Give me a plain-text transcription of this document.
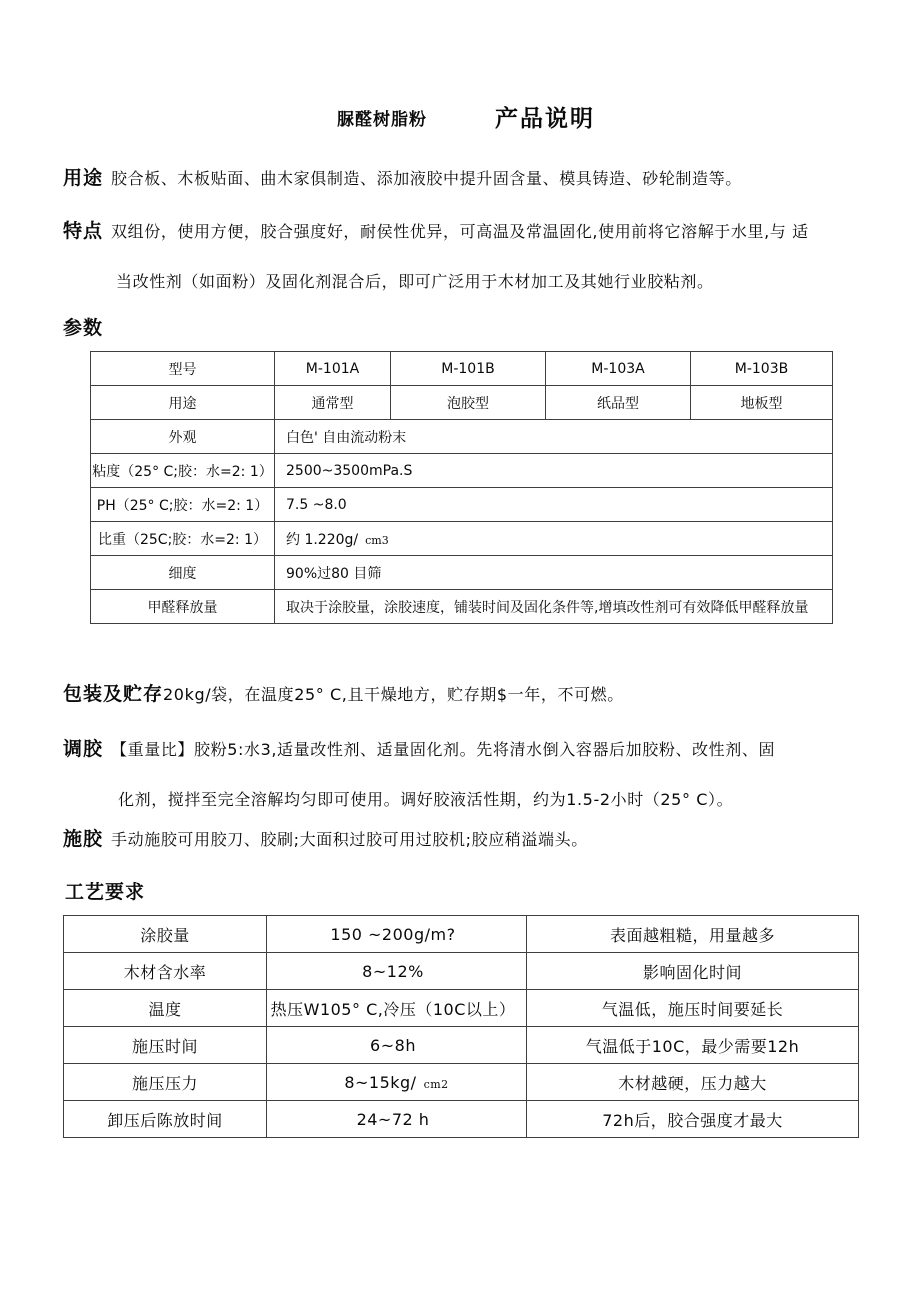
脲醛树脂粉	产品说明
用途 胶合板、木板贴面、曲木家俱制造、添加液胶中提升固含量、模具铸造、砂轮制造等。
特点 双组份，使用方便，胶合强度好，耐侯性优异，可高温及常温固化,使用前将它溶解于水里,与 适
当改性剂（如面粉）及固化剂混合后，即可广泛用于木材加工及其她行业胶粘剂。
参数
型号	M-101A	M-101B	M-103A	M-103B
用途	通常型	泡胶型	纸品型	地板型
外观	白色' 自由流动粉末			
粘度（25° C;胶：水=2: 1）	2500~3500mPa.S			
PH（25° C;胶：水=2: 1）	7.5 ~8.0			
比重（25C;胶：水=2: 1）	约 1.220g/ cm3			
细度	90%过80 目筛			
甲醛释放量	取决于涂胶量，涂胶速度，铺装时间及固化条件等,增填改性剂可有效降低甲醛释放量			
包装及贮存20kg/袋，在温度25° C,且干燥地方，贮存期$一年，不可燃。
调胶 【重量比】胶粉5:水3,适量改性剂、适量固化剂。先将清水倒入容器后加胶粉、改性剂、固
化剂，搅拌至完全溶解均匀即可使用。调好胶液活性期，约为1.5-2小时（25° C）。
施胶 手动施胶可用胶刀、胶刷;大面积过胶可用过胶机;胶应稍溢端头。
工艺要求
涂胶量	150 ~200g/m?	表面越粗糙，用量越多
木材含水率	8~12%	影响固化时间
温度	热压W105° C,冷压（10C以上）	气温低，施压时间要延长
施压时间	6~8h	气温低于10C，最少需要12h
施压压力	8~15kg/ cm2	木材越硬，压力越大
卸压后陈放时间	24~72 h	72h后，胶合强度才最大
